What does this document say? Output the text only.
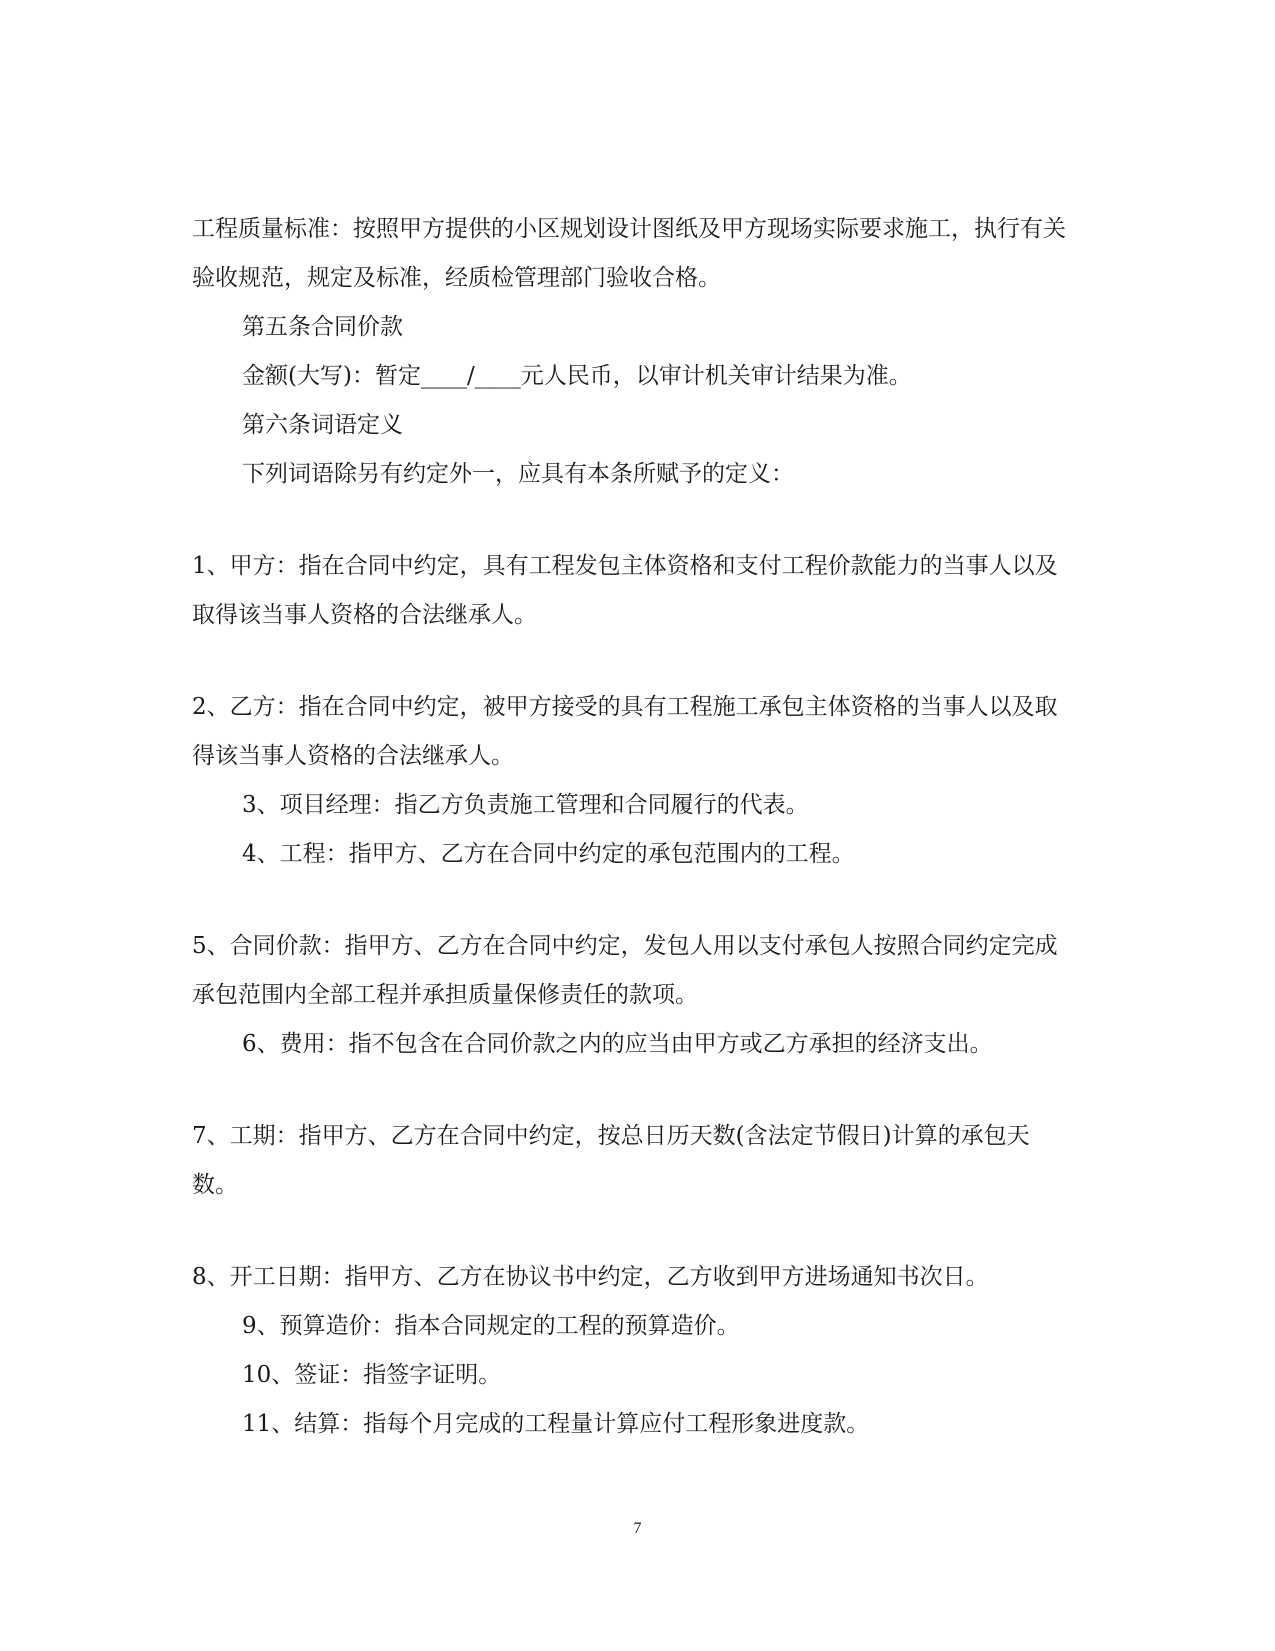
工程质量标准：按照甲方提供的小区规划设计图纸及甲方现场实际要求施工，执行有关验收规范，规定及标准，经质检管理部门验收合格。

第五条合同价款

金额(大写)：暂定____/____元人民币，以审计机关审计结果为准。

第六条词语定义

下列词语除另有约定外一，应具有本条所赋予的定义：

1、甲方：指在合同中约定，具有工程发包主体资格和支付工程价款能力的当事人以及取得该当事人资格的合法继承人。

2、乙方：指在合同中约定，被甲方接受的具有工程施工承包主体资格的当事人以及取得该当事人资格的合法继承人。

3、项目经理：指乙方负责施工管理和合同履行的代表。

4、工程：指甲方、乙方在合同中约定的承包范围内的工程。

5、合同价款：指甲方、乙方在合同中约定，发包人用以支付承包人按照合同约定完成承包范围内全部工程并承担质量保修责任的款项。

6、费用：指不包含在合同价款之内的应当由甲方或乙方承担的经济支出。

7、工期：指甲方、乙方在合同中约定，按总日历天数(含法定节假日)计算的承包天数。

8、开工日期：指甲方、乙方在协议书中约定，乙方收到甲方进场通知书次日。

9、预算造价：指本合同规定的工程的预算造价。

10、签证：指签字证明。

11、结算：指每个月完成的工程量计算应付工程形象进度款。

7
